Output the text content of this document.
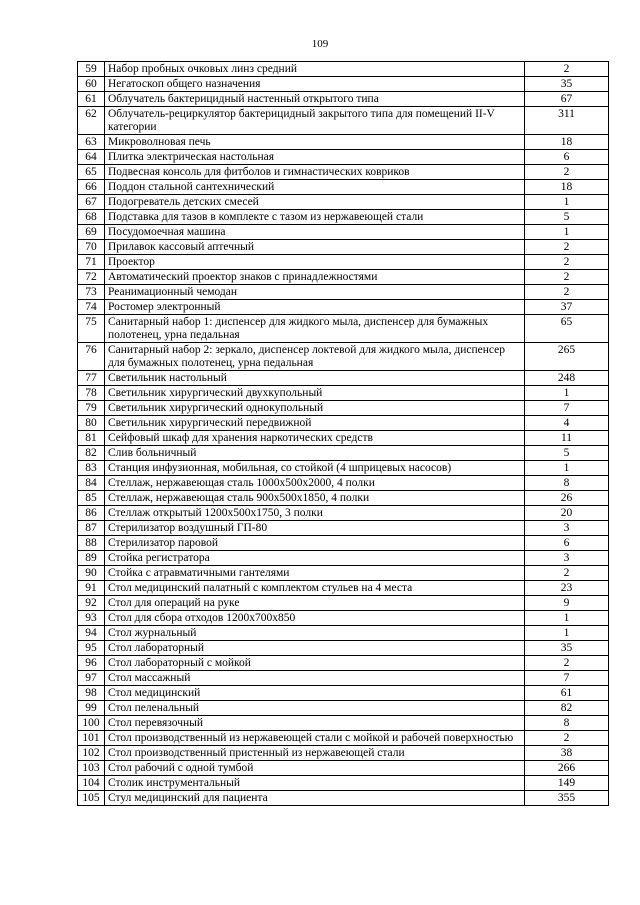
109
59	Набор пробных очковых линз средний	2
60	Негатоскоп общего назначения	35
61	Облучатель бактерицидный настенный открытого типа	67
62	Облучатель-рециркулятор бактерицидный закрытого типа для помещений II-V категории	311
63	Микроволновая печь	18
64	Плитка электрическая настольная	6
65	Подвесная консоль для фитболов и гимнастических ковриков	2
66	Поддон стальной сантехнический	18
67	Подогреватель детских смесей	1
68	Подставка для тазов в комплекте с тазом из нержавеющей стали	5
69	Посудомоечная машина	1
70	Прилавок кассовый аптечный	2
71	Проектор	2
72	Автоматический проектор знаков с принадлежностями	2
73	Реанимационный чемодан	2
74	Ростомер электронный	37
75	Санитарный набор 1: диспенсер для жидкого мыла, диспенсер для бумажных полотенец, урна педальная	65
76	Санитарный набор 2: зеркало, диспенсер локтевой для жидкого мыла, диспенсер для бумажных полотенец, урна педальная	265
77	Светильник настольный	248
78	Светильник хирургический двухкупольный	1
79	Светильник хирургический однокупольный	7
80	Светильник хирургический передвижной	4
81	Сейфовый шкаф для хранения наркотических средств	11
82	Слив больничный	5
83	Станция инфузионная, мобильная, со стойкой (4 шприцевых насосов)	1
84	Стеллаж, нержавеющая сталь 1000х500х2000, 4 полки	8
85	Стеллаж, нержавеющая сталь 900х500х1850, 4 полки	26
86	Стеллаж открытый 1200х500х1750, 3 полки	20
87	Стерилизатор воздушный ГП-80	3
88	Стерилизатор паровой	6
89	Стойка регистратора	3
90	Стойка с атравматичными гантелями	2
91	Стол медицинский палатный с комплектом стульев на 4 места	23
92	Стол для операций на руке	9
93	Стол для сбора отходов 1200х700х850	1
94	Стол журнальный	1
95	Стол лабораторный	35
96	Стол лабораторный с мойкой	2
97	Стол массажный	7
98	Стол медицинский	61
99	Стол пеленальный	82
100	Стол перевязочный	8
101	Стол производственный из нержавеющей стали с мойкой и рабочей поверхностью	2
102	Стол производственный пристенный из нержавеющей стали	38
103	Стол рабочий с одной тумбой	266
104	Столик инструментальный	149
105	Стул медицинский для пациента	355
